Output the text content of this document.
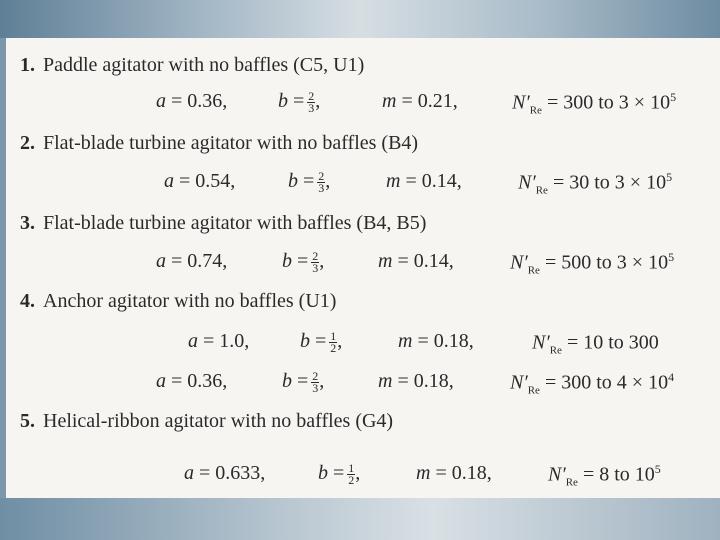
1. Paddle agitator with no baffles (C5, U1)
a = 0.36,	$b = \frac{2}{3}$ ,	m = 0.21,	$N'_{Re} = 300$ to $3 \times 10^5$
2. Flat-blade turbine agitator with no baffles (B4)
a = 0.54,	$b = \frac{2}{3}$ ,	m = 0.14,	$N'_{Re} = 30$ to $3 \times 10^5$
3. Flat-blade turbine agitator with baffles (B4, B5)
a = 0.74,	$b = \frac{2}{3}$ ,	m = 0.14,	$N'_{Re} = 500$ to $3 \times 10^5$
4. Anchor agitator with no baffles (U1)
a = 1.0,	$b = \frac{1}{2}$ ,	m = 0.18,	$N'_{Re} = 10$ to 300
a = 0.36,	$b = \frac{2}{3}$ ,	m = 0.18,	$N'_{Re} = 300$ to $4 \times 10^4$
5. Helical-ribbon agitator with no baffles (G4)
a = 0.633,	$b = \frac{1}{2}$ ,	m = 0.18,	$N'_{Re} = 8$ to $10^5$
